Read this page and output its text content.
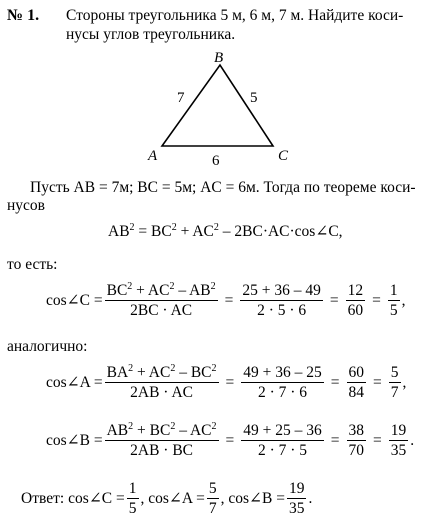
№ 1. Стороны треугольника 5 м, 6 м, 7 м. Найдите коси-
нусы углов треугольника.
B
A	C
7	5
6
Пусть AB = 7м; BC = 5м; AC = 6м. Тогда по теореме коси-
нусов
$AB^2 = BC^2 + AC^2$ – 2BC·AC·cos∠C,
то есть:
cos∠C = $\frac{BC^2 + AC^2 - AB^2}{2BC \cdot AC} = \frac{25 + 36 - 49}{2 \cdot 5 \cdot 6} = \frac{12}{60} = \frac{1}{5}$ ,
аналогично:
cos∠A = $\frac{BA^2 + AC^2 - BC^2}{2AB \cdot AC} = \frac{49 + 36 - 25}{2 \cdot 7 \cdot 6} = \frac{60}{84} = \frac{5}{7}$ ,
cos∠B = $\frac{AB^2 + BC^2 - AC^2}{2AB \cdot BC} = \frac{49 + 25 - 36}{2 \cdot 7 \cdot 5} = \frac{38}{70} = \frac{19}{35}$ .
Ответ: cos∠C = $\frac{1}{5}$ , cos∠A = $\frac{5}{7}$ , cos∠B = $\frac{19}{35}$ .
